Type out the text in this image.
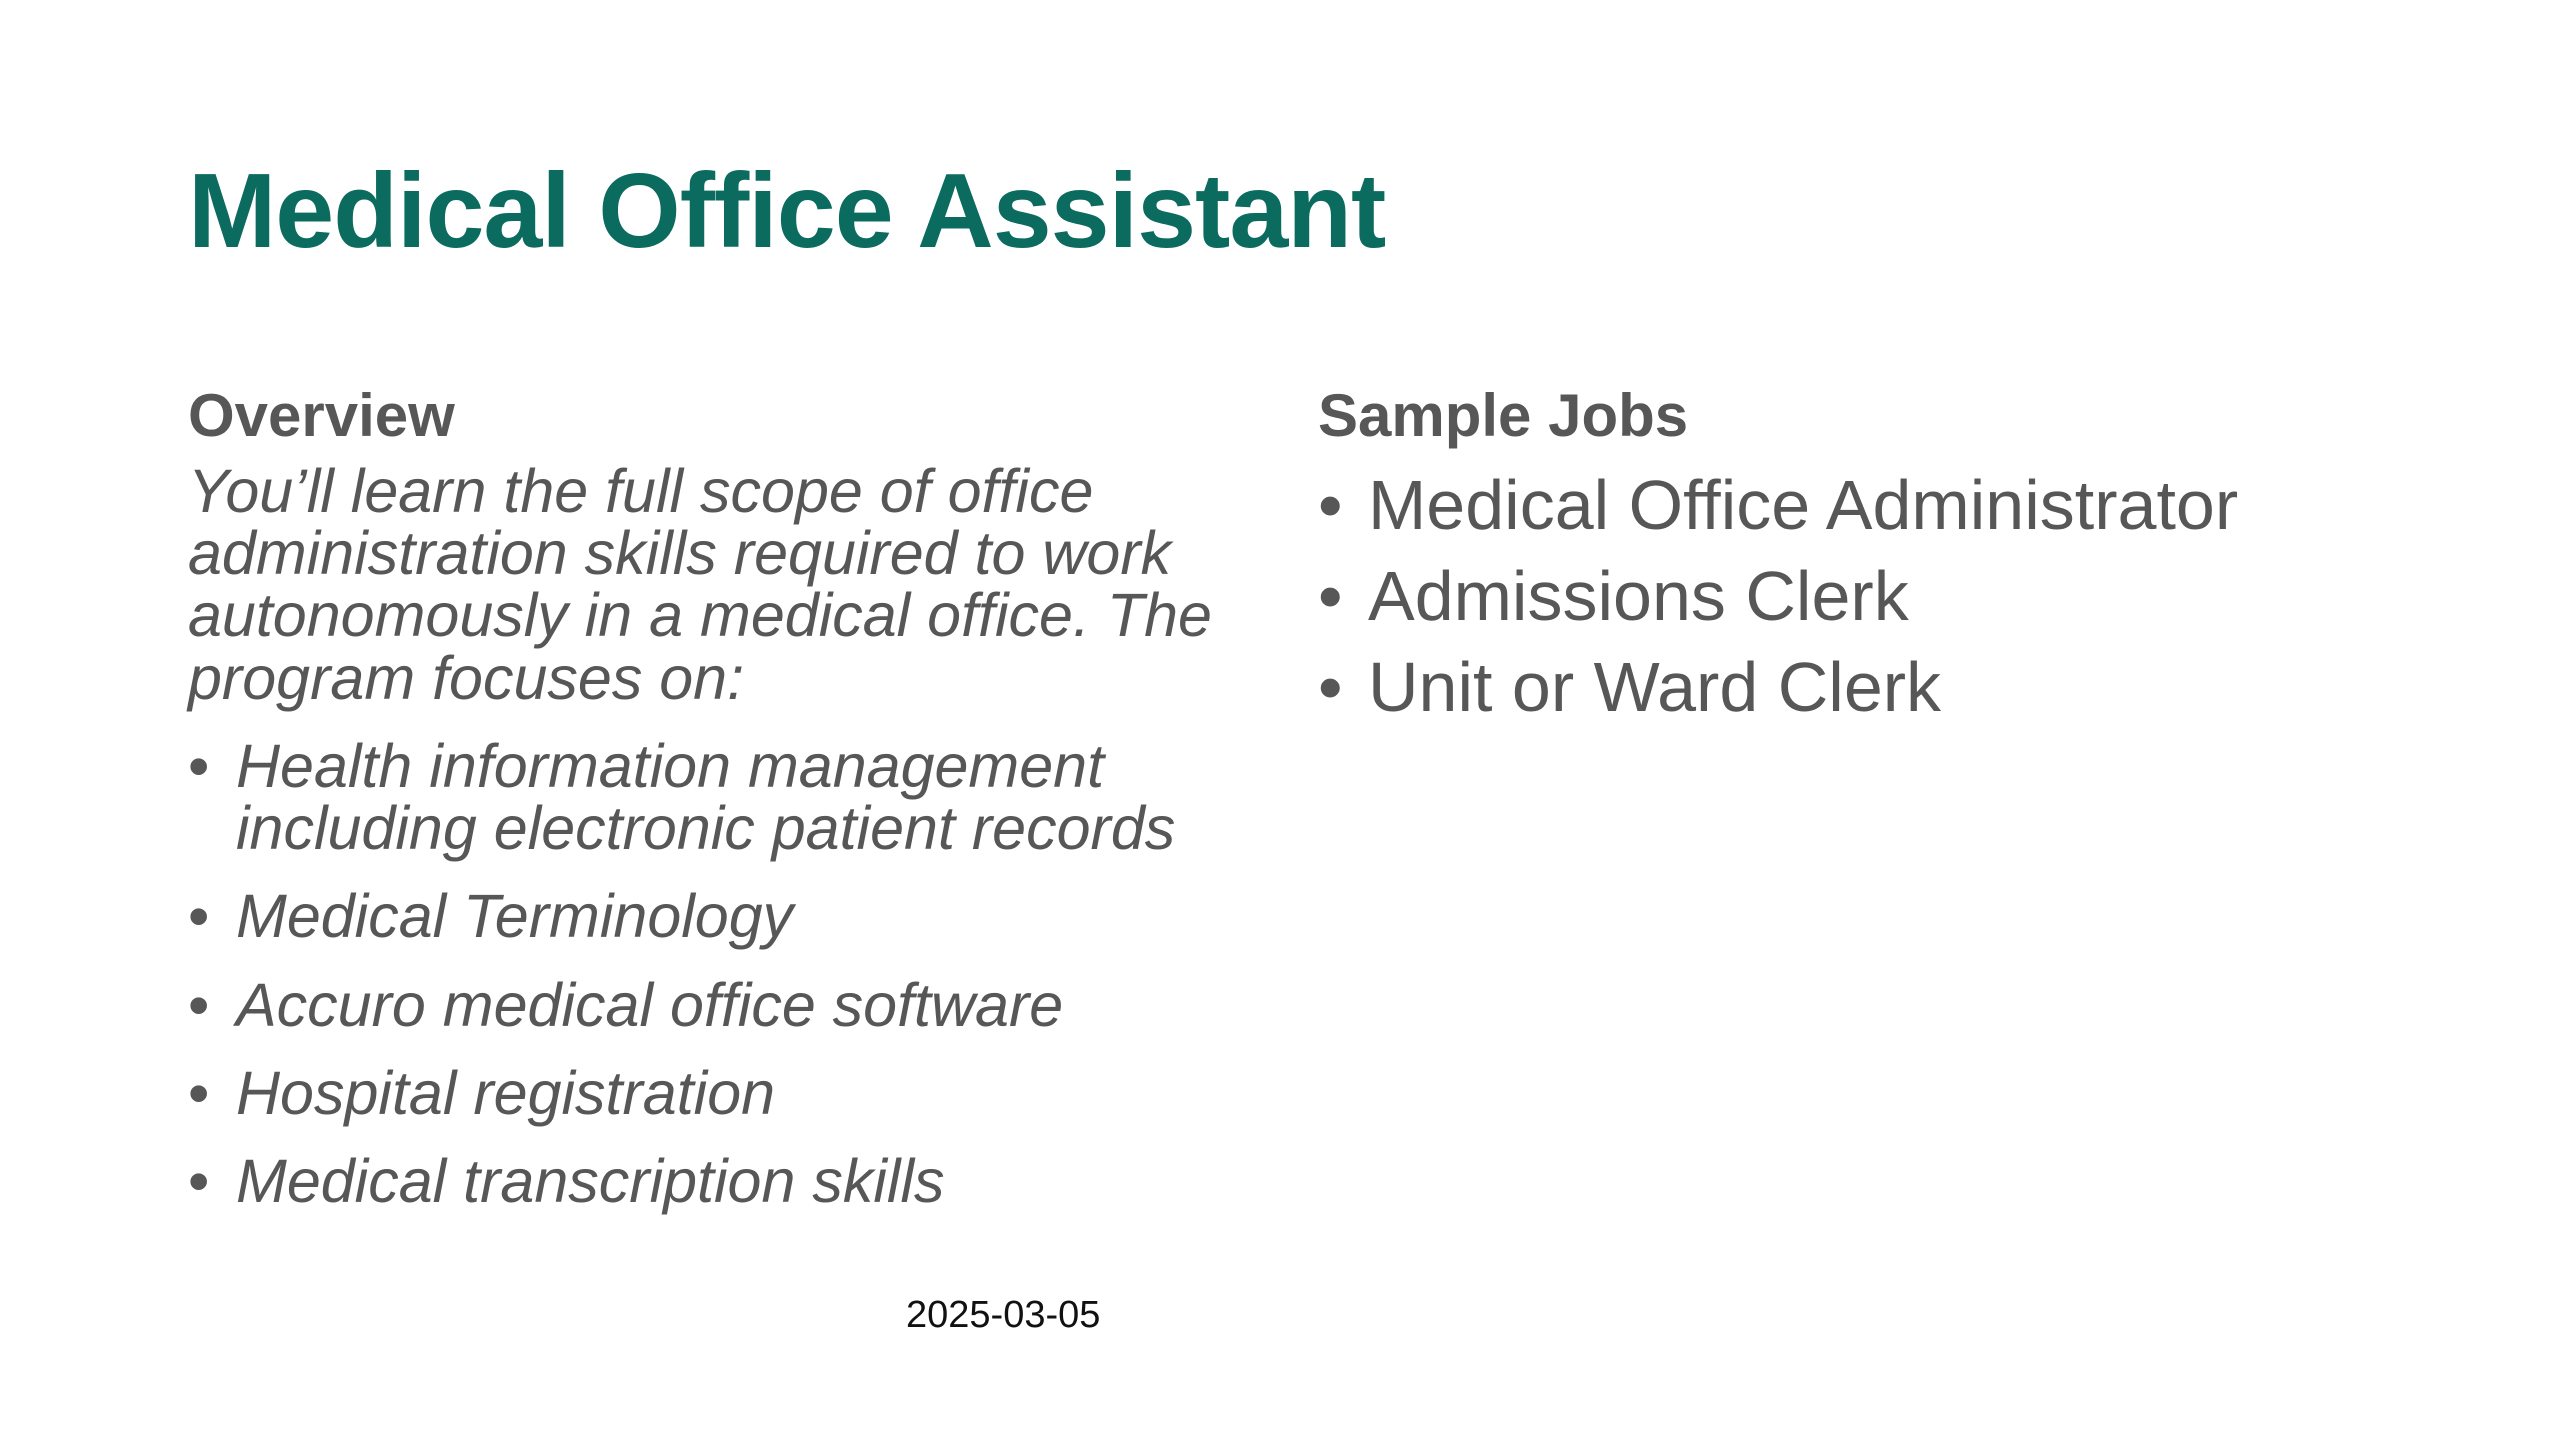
Medical Office Assistant
Overview

You’ll learn the full scope of office administration skills required to work autonomously in a medical office. The program focuses on:

• Health information management including electronic patient records
• Medical Terminology
• Accuro medical office software
• Hospital registration
• Medical transcription skills
Sample Jobs
• Medical Office Administrator
• Admissions Clerk
• Unit or Ward Clerk
2025-03-05
